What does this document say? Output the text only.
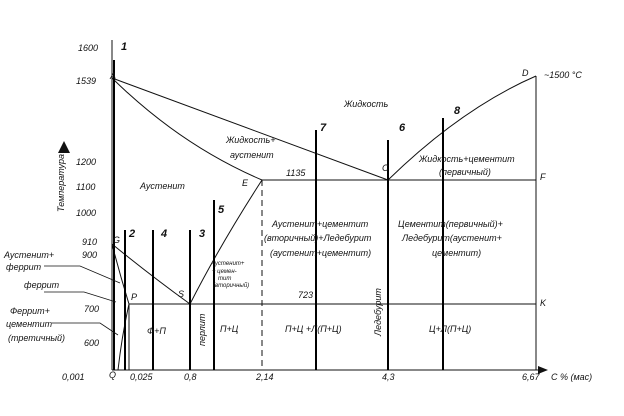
1600
1539
1200
1100
1000
910
900
700
600
Температура
0,001	Q 0,025	0,8	2,14	4,3	6,67 С % (мас)
1
2	3
4
5
6
7
8
A	D
C
E
F
G
P	S
K
~1500 °C
1135
723
Жидкость
Жидкость+
аустенит	Жидкость+цементит
(первичный)
Аустенит
Аустенит+
+ цемен-
тит
(вторичный)
Аустенит+цементит
(вторичный)+Ледебурит
(аустенит+цементит)
Цементит(первичный)+
Ледебурит(аустенит+
цементит)
Ф+П	перлит П+Ц	П+Ц +Л(П+Ц)	Ледебурит	Ц+Л(П+Ц)
Аустенит+
феррит
феррит
Феррит+
цементит
(третичный)
